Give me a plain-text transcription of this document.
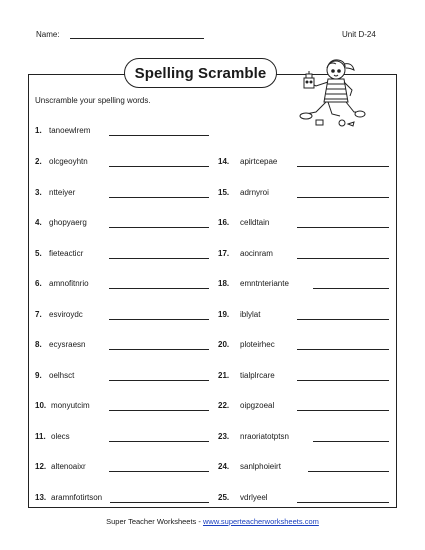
Name:	Unit D-24
Spelling Scramble
Unscramble your spelling words.
1. tanoewlrem
2. olcgeoyhtn
3. ntteiyer
4. ghopyaerg
5. fieteacticr
6. amnofitnrio
7. esviroydc
8. ecysraesn
9. oelhsct
10. monyutcim
11. olecs
12. altenoaixr
13. aramnfotirtson
14. apirtcepae
15. adrnyroi
16. celldtain
17. aocinram
18. emntnteriante
19. iblylat
20. ploteirhec
21. tialplrcare
22. oipgzoeal
23. nraoriatotptsn
24. sanlphoieirt
25. vdrlyeel
Super Teacher Worksheets - www.superteacherworksheets.com
